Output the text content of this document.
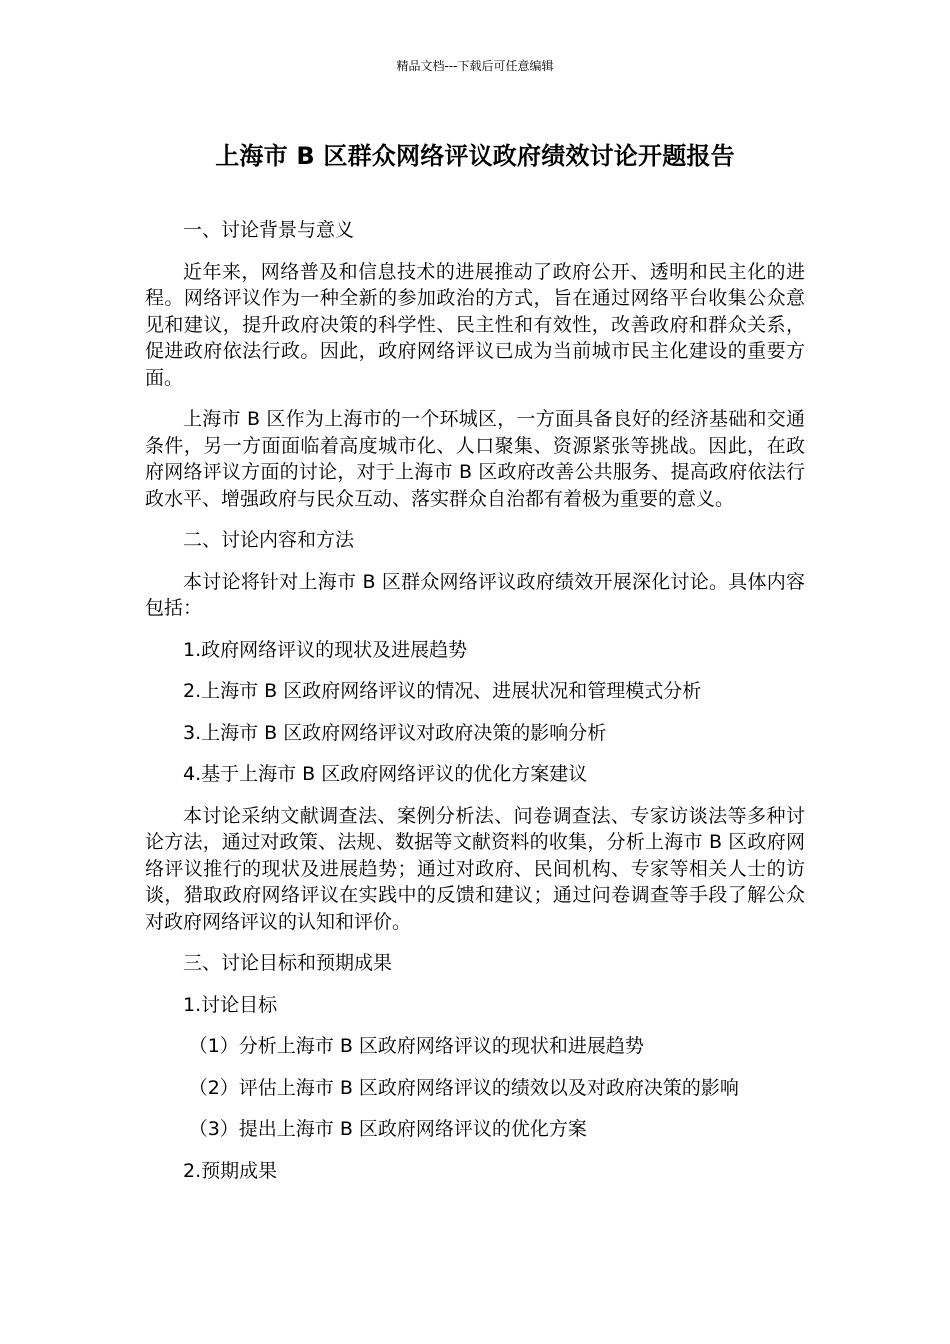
精品文档---下载后可任意编辑
上海市 B 区群众网络评议政府绩效讨论开题报告

一、讨论背景与意义

近年来，网络普及和信息技术的进展推动了政府公开、透明和民主化的进程。网络评议作为一种全新的参加政治的方式，旨在通过网络平台收集公众意见和建议，提升政府决策的科学性、民主性和有效性，改善政府和群众关系，促进政府依法行政。因此，政府网络评议已成为当前城市民主化建设的重要方面。

上海市 B 区作为上海市的一个环城区，一方面具备良好的经济基础和交通条件，另一方面面临着高度城市化、人口聚集、资源紧张等挑战。因此，在政府网络评议方面的讨论，对于上海市 B 区政府改善公共服务、提高政府依法行政水平、增强政府与民众互动、落实群众自治都有着极为重要的意义。

二、讨论内容和方法

本讨论将针对上海市 B 区群众网络评议政府绩效开展深化讨论。具体内容包括：

1.政府网络评议的现状及进展趋势

2.上海市 B 区政府网络评议的情况、进展状况和管理模式分析

3.上海市 B 区政府网络评议对政府决策的影响分析

4.基于上海市 B 区政府网络评议的优化方案建议

本讨论采纳文献调查法、案例分析法、问卷调查法、专家访谈法等多种讨论方法，通过对政策、法规、数据等文献资料的收集，分析上海市 B 区政府网络评议推行的现状及进展趋势；通过对政府、民间机构、专家等相关人士的访谈，猎取政府网络评议在实践中的反馈和建议；通过问卷调查等手段了解公众对政府网络评议的认知和评价。

三、讨论目标和预期成果

1.讨论目标

（1）分析上海市 B 区政府网络评议的现状和进展趋势

（2）评估上海市 B 区政府网络评议的绩效以及对政府决策的影响

（3）提出上海市 B 区政府网络评议的优化方案

2.预期成果
